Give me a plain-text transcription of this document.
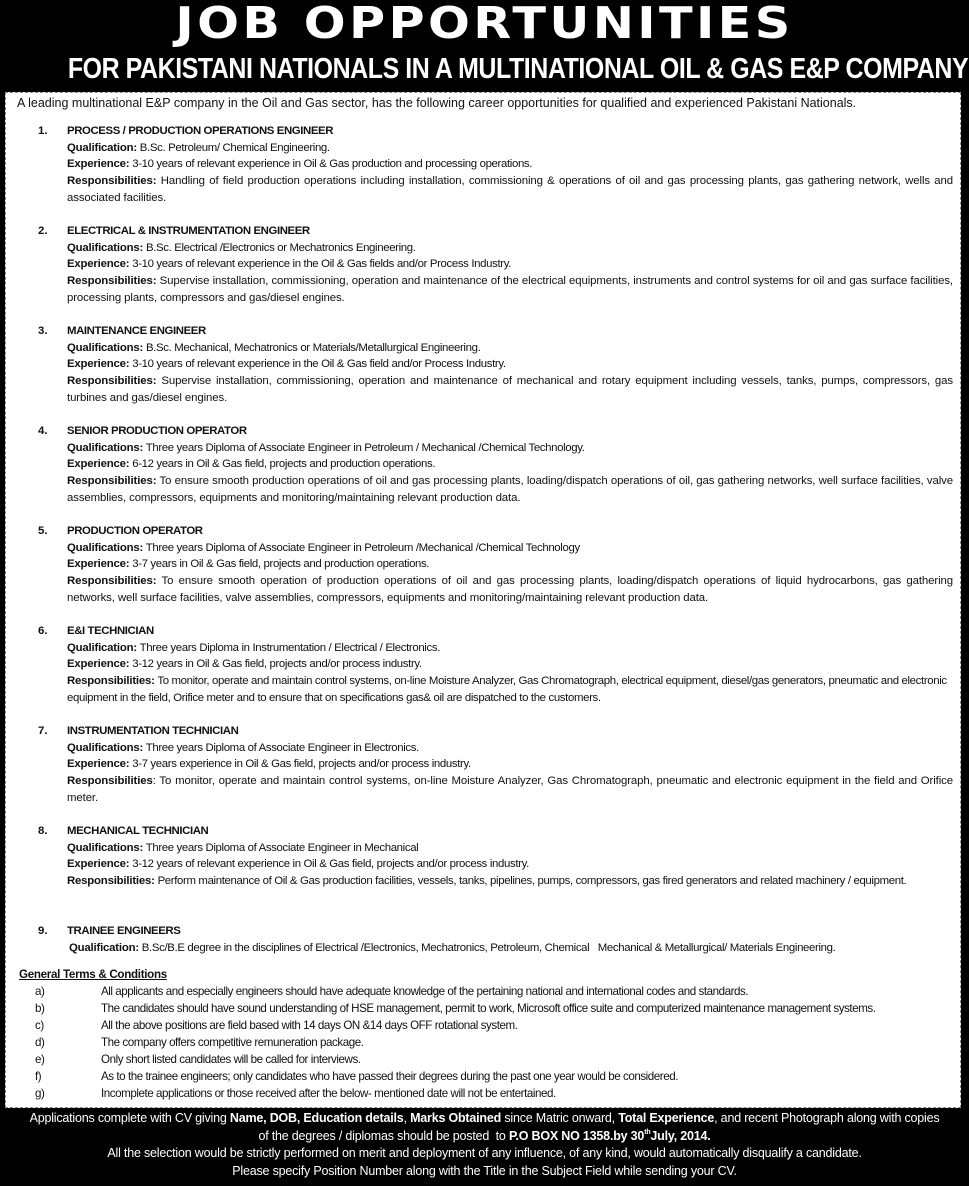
JOB OPPORTUNITIES
FOR PAKISTANI NATIONALS IN A MULTINATIONAL OIL & GAS E&P COMPANY
A leading multinational E&P company in the Oil and Gas sector, has the following career opportunities for qualified and experienced Pakistani Nationals.
1. PROCESS / PRODUCTION OPERATIONS ENGINEER
Qualification: B.Sc. Petroleum/ Chemical Engineering.
Experience: 3-10 years of relevant experience in Oil & Gas production and processing operations.
Responsibilities: Handling of field production operations including installation, commissioning & operations of oil and gas processing plants, gas gathering network, wells and associated facilities.
2. ELECTRICAL & INSTRUMENTATION ENGINEER
Qualifications: B.Sc. Electrical /Electronics or Mechatronics Engineering.
Experience: 3-10 years of relevant experience in the Oil & Gas fields and/or Process Industry.
Responsibilities: Supervise installation, commissioning, operation and maintenance of the electrical equipments, instruments and control systems for oil and gas surface facilities, processing plants, compressors and gas/diesel engines.
3. MAINTENANCE ENGINEER
Qualifications: B.Sc. Mechanical, Mechatronics or Materials/Metallurgical Engineering.
Experience: 3-10 years of relevant experience in the Oil & Gas field and/or Process Industry.
Responsibilities: Supervise installation, commissioning, operation and maintenance of mechanical and rotary equipment including vessels, tanks, pumps, compressors, gas turbines and gas/diesel engines.
4. SENIOR PRODUCTION OPERATOR
Qualifications: Three years Diploma of Associate Engineer in Petroleum / Mechanical /Chemical Technology.
Experience: 6-12 years in Oil & Gas field, projects and production operations.
Responsibilities: To ensure smooth production operations of oil and gas processing plants, loading/dispatch operations of oil, gas gathering networks, well surface facilities, valve assemblies, compressors, equipments and monitoring/maintaining relevant production data.
5. PRODUCTION OPERATOR
Qualifications: Three years Diploma of Associate Engineer in Petroleum /Mechanical /Chemical Technology
Experience: 3-7 years in Oil & Gas field, projects and production operations.
Responsibilities: To ensure smooth operation of production operations of oil and gas processing plants, loading/dispatch operations of liquid hydrocarbons, gas gathering networks, well surface facilities, valve assemblies, compressors, equipments and monitoring/maintaining relevant production data.
6. E&I TECHNICIAN
Qualification: Three years Diploma in Instrumentation / Electrical / Electronics.
Experience: 3-12 years in Oil & Gas field, projects and/or process industry.
Responsibilities: To monitor, operate and maintain control systems, on-line Moisture Analyzer, Gas Chromatograph, electrical equipment, diesel/gas generators, pneumatic and electronic equipment in the field, Orifice meter and to ensure that on specifications gas& oil are dispatched to the customers.
7. INSTRUMENTATION TECHNICIAN
Qualifications: Three years Diploma of Associate Engineer in Electronics.
Experience: 3-7 years experience in Oil & Gas field, projects and/or process industry.
Responsibilities: To monitor, operate and maintain control systems, on-line Moisture Analyzer, Gas Chromatograph, pneumatic and electronic equipment in the field and Orifice meter.
8. MECHANICAL TECHNICIAN
Qualifications: Three years Diploma of Associate Engineer in Mechanical
Experience: 3-12 years of relevant experience in Oil & Gas field, projects and/or process industry.
Responsibilities: Perform maintenance of Oil & Gas production facilities, vessels, tanks, pipelines, pumps, compressors, gas fired generators and related machinery / equipment.
9. TRAINEE ENGINEERS
Qualification: B.Sc/B.E degree in the disciplines of Electrical /Electronics, Mechatronics, Petroleum, Chemical   Mechanical & Metallurgical/ Materials Engineering.
General Terms & Conditions
a)	All applicants and especially engineers should have adequate knowledge of the pertaining national and international codes and standards.
b)	The candidates should have sound understanding of HSE management, permit to work, Microsoft office suite and computerized maintenance management systems.
c)	All the above positions are field based with 14 days ON &14 days OFF rotational system.
d)	The company offers competitive remuneration package.
e)	Only short listed candidates will be called for interviews.
f)	As to the trainee engineers; only candidates who have passed their degrees during the past one year would be considered.
g)	Incomplete applications or those received after the below- mentioned date will not be entertained.

Applications complete with CV giving Name, DOB, Education details, Marks Obtained since Matric onward, Total Experience, and recent Photograph along with copies

of the degrees / diplomas should be posted  to P.O BOX NO 1358.by 30thJuly, 2014.

All the selection would be strictly performed on merit and deployment of any influence, of any kind, would automatically disqualify a candidate.

Please specify Position Number along with the Title in the Subject Field while sending your CV.
